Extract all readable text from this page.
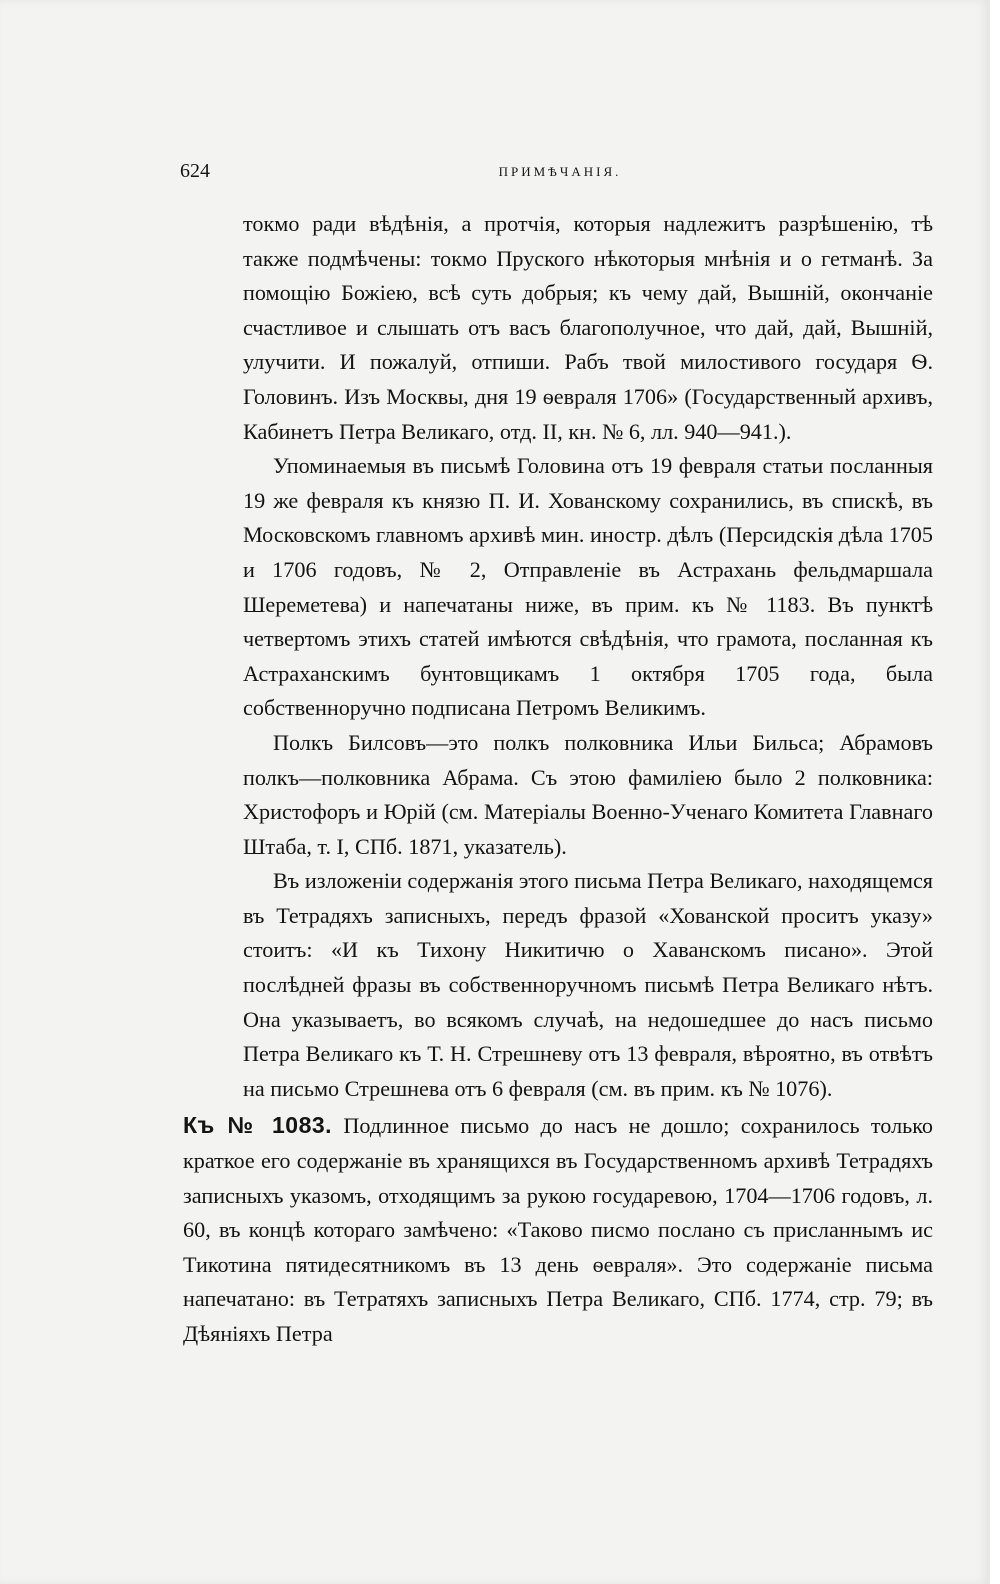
624	ПРИМѢЧАНІЯ.

токмо ради вѣдѣнія, а протчія, которыя надлежитъ разрѣшенію, тѣ также подмѣчены: токмо Пруского нѣкоторыя мнѣнія и о гетманѣ. За помощію Божіею, всѣ суть добрыя; къ чему дай, Вышній, окончаніе счастливое и слышать отъ васъ благополучное, что дай, дай, Вышній, улучити. И пожалуй, отпиши. Рабъ твой милостивого государя Ѳ. Головинъ. Изъ Москвы, дня 19 ѳевраля 1706» (Государственный архивъ, Кабинетъ Петра Великаго, отд. II, кн. № 6, лл. 940—941.).

Упоминаемыя въ письмѣ Головина отъ 19 февраля статьи посланныя 19 же февраля къ князю П. И. Хованскому сохранились, въ спискѣ, въ Московскомъ главномъ архивѣ мин. иностр. дѣлъ (Персидскія дѣла 1705 и 1706 годовъ, № 2, Отправленіе въ Астрахань фельдмаршала Шереметева) и напечатаны ниже, въ прим. къ № 1183. Въ пунктѣ четвертомъ этихъ статей имѣются свѣдѣнія, что грамота, посланная къ Астраханскимъ бунтовщикамъ 1 октября 1705 года, была собственноручно подписана Петромъ Великимъ.

Полкъ Билсовъ—это полкъ полковника Ильи Бильса; Абрамовъ полкъ—полковника Абрама. Съ этою фамиліею было 2 полковника: Христофоръ и Юрій (см. Матеріалы Военно-Ученаго Комитета Главнаго Штаба, т. I, СПб. 1871, указатель).

Въ изложеніи содержанія этого письма Петра Великаго, находящемся въ Тетрадяхъ записныхъ, передъ фразой «Хованской проситъ указу» стоитъ: «И къ Тихону Никитичю о Хаванскомъ писано». Этой послѣдней фразы въ собственноручномъ письмѣ Петра Великаго нѣтъ. Она указываетъ, во всякомъ случаѣ, на недошедшее до насъ письмо Петра Великаго къ Т. Н. Стрешневу отъ 13 февраля, вѣроятно, въ отвѣтъ на письмо Стрешнева отъ 6 февраля (см. въ прим. къ № 1076).

Къ № 1083. Подлинное письмо до насъ не дошло; сохранилось только краткое его содержаніе въ хранящихся въ Государственномъ архивѣ Тетрадяхъ записныхъ указомъ, отходящимъ за рукою государевою, 1704—1706 годовъ, л. 60, въ концѣ котораго замѣчено: «Таково писмо послано съ присланнымъ ис Тикотина пятидесятникомъ въ 13 день ѳевраля». Это содержаніе письма напечатано: въ Тетратяхъ записныхъ Петра Великаго, СПб. 1774, стр. 79; въ Дѣяніяхъ Петра
